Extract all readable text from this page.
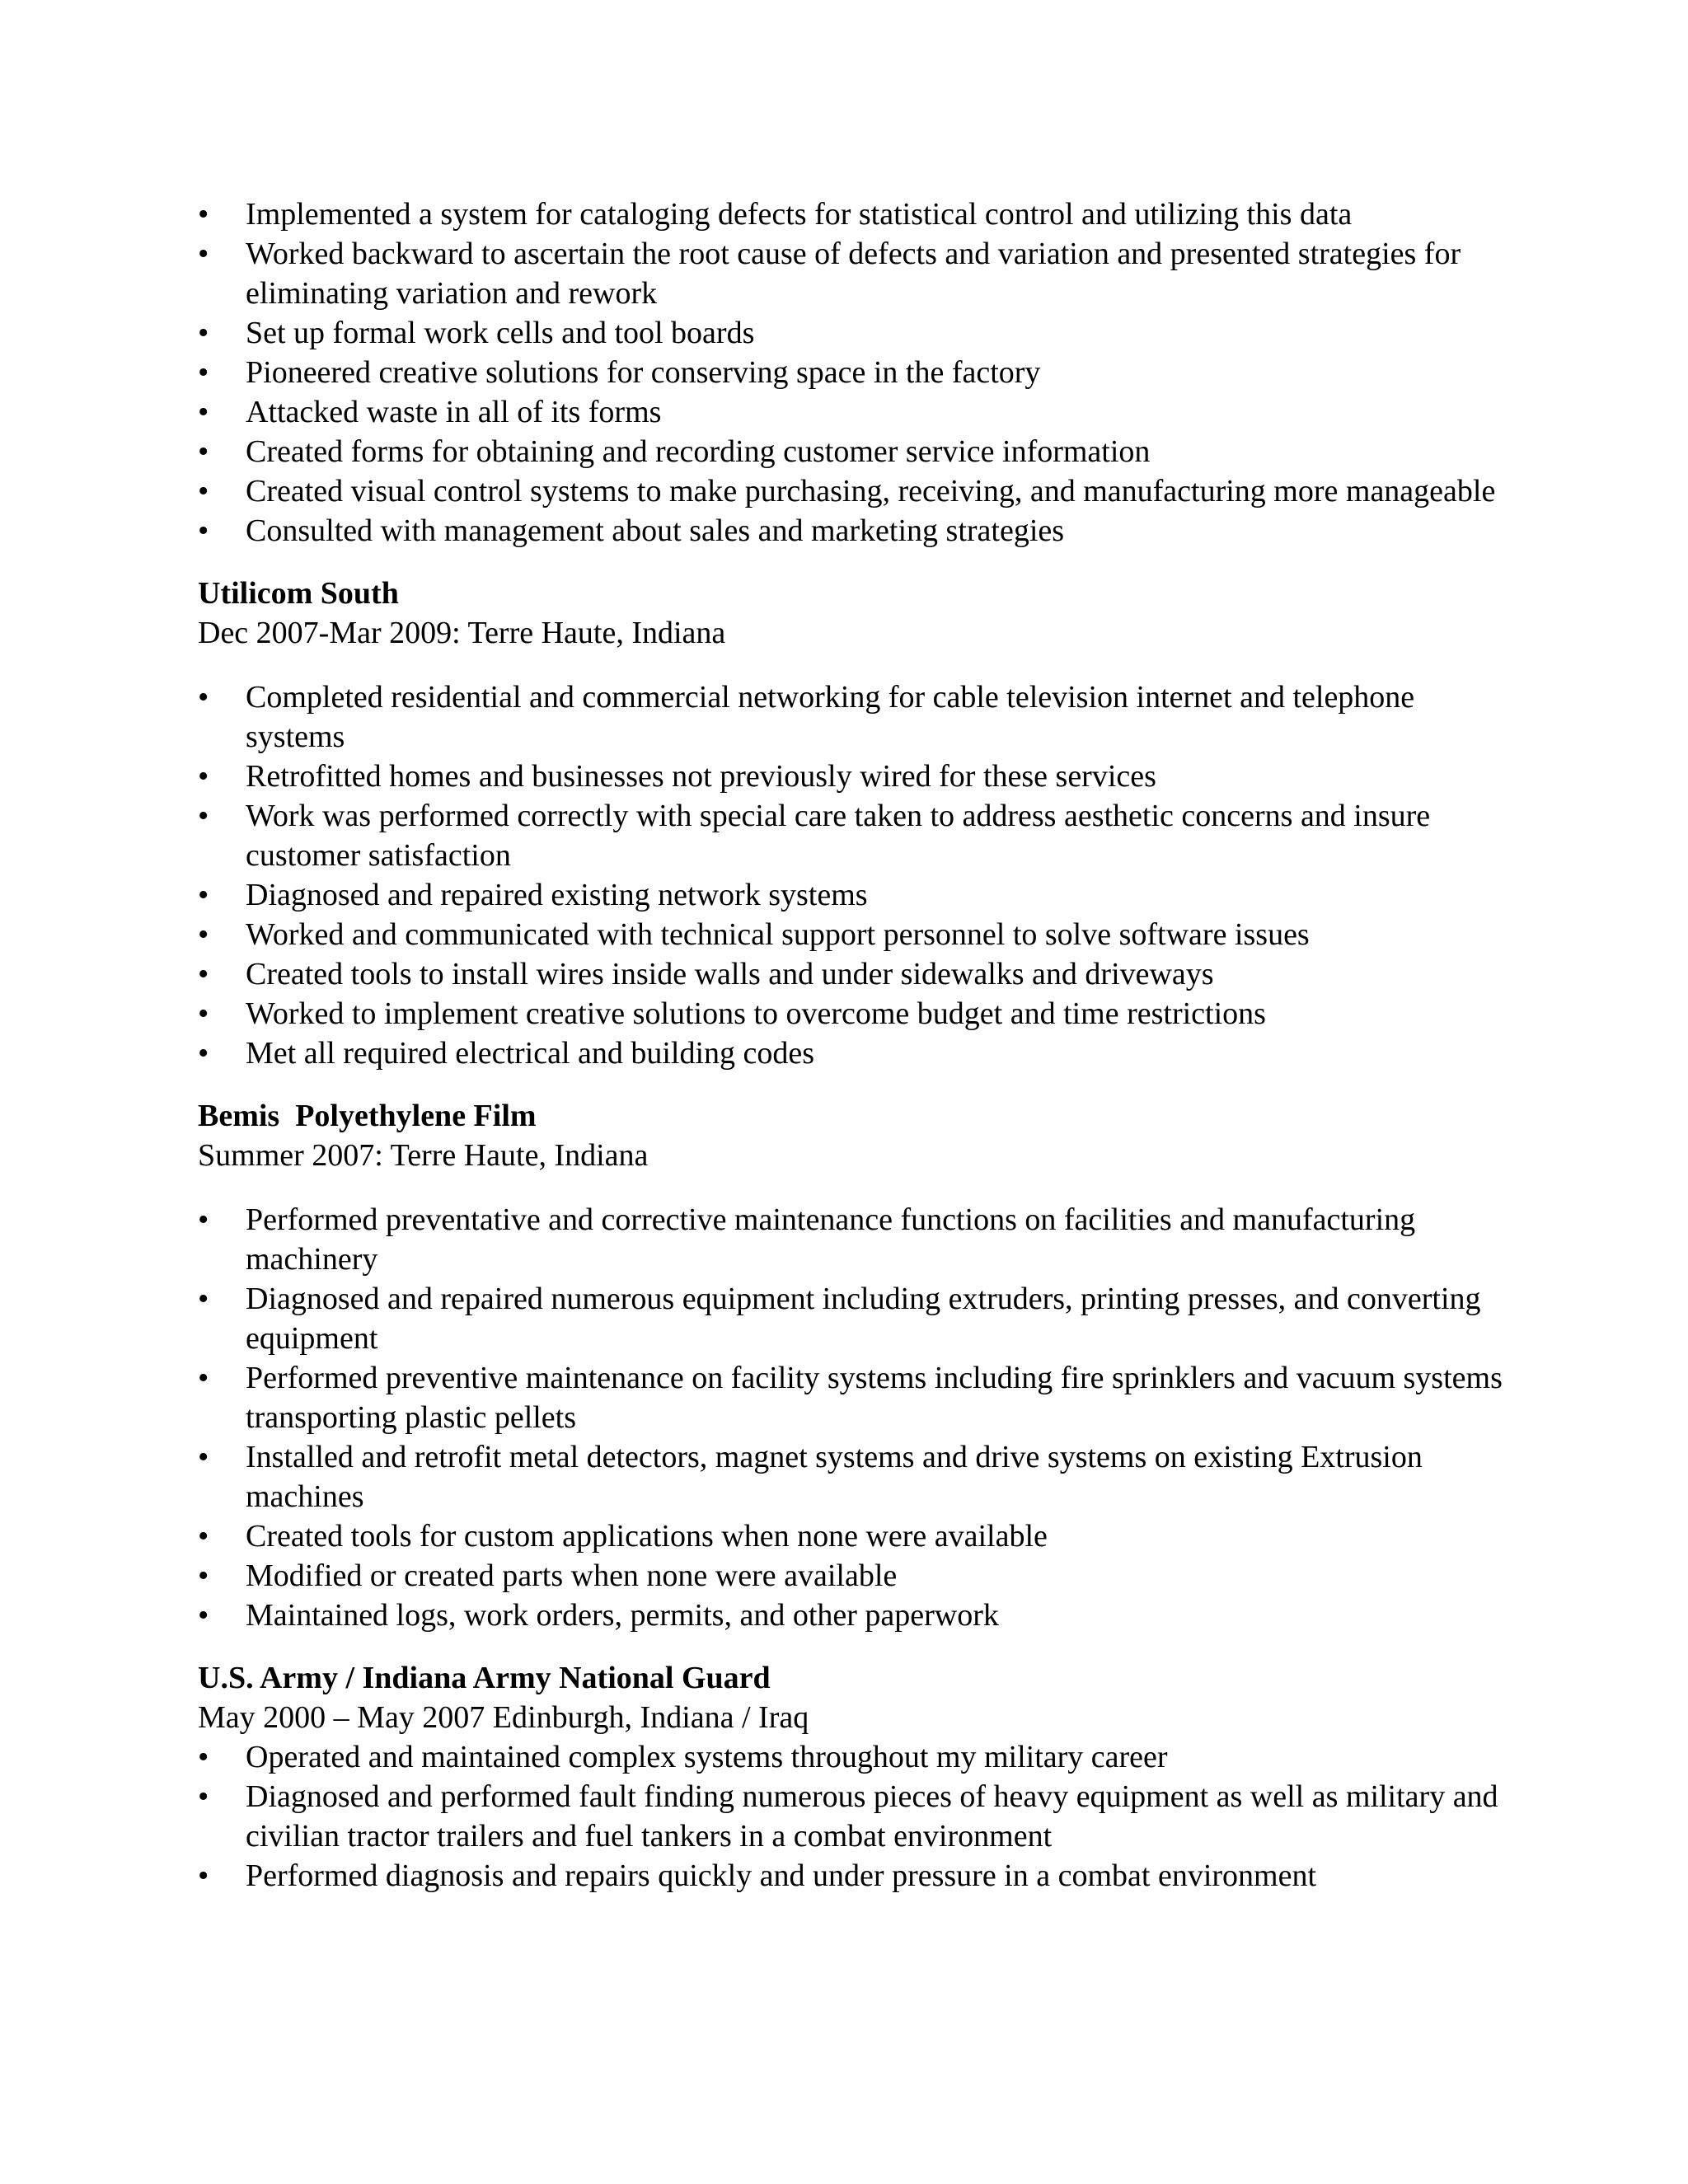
•	Implemented a system for cataloging defects for statistical control and utilizing this data
•	Worked backward to ascertain the root cause of defects and variation and presented strategies for eliminating variation and rework
•	Set up formal work cells and tool boards
•	Pioneered creative solutions for conserving space in the factory
•	Attacked waste in all of its forms
•	Created forms for obtaining and recording customer service information
•	Created visual control systems to make purchasing, receiving, and manufacturing more manageable
•	Consulted with management about sales and marketing strategies

Utilicom South

Dec 2007-Mar 2009: Terre Haute, Indiana

•	Completed residential and commercial networking for cable television internet and telephone systems
•	Retrofitted homes and businesses not previously wired for these services
•	Work was performed correctly with special care taken to address aesthetic concerns and insure customer satisfaction
•	Diagnosed and repaired existing network systems
•	Worked and communicated with technical support personnel to solve software issues
•	Created tools to install wires inside walls and under sidewalks and driveways
•	Worked to implement creative solutions to overcome budget and time restrictions
•	Met all required electrical and building codes

Bemis  Polyethylene Film

Summer 2007: Terre Haute, Indiana

•	Performed preventative and corrective maintenance functions on facilities and manufacturing machinery
•	Diagnosed and repaired numerous equipment including extruders, printing presses, and converting equipment
•	Performed preventive maintenance on facility systems including fire sprinklers and vacuum systems transporting plastic pellets
•	Installed and retrofit metal detectors, magnet systems and drive systems on existing Extrusion machines
•	Created tools for custom applications when none were available
•	Modified or created parts when none were available
•	Maintained logs, work orders, permits, and other paperwork

U.S. Army / Indiana Army National Guard

May 2000 – May 2007 Edinburgh, Indiana / Iraq

•	Operated and maintained complex systems throughout my military career
•	Diagnosed and performed fault finding numerous pieces of heavy equipment as well as military and civilian tractor trailers and fuel tankers in a combat environment
•	Performed diagnosis and repairs quickly and under pressure in a combat environment
